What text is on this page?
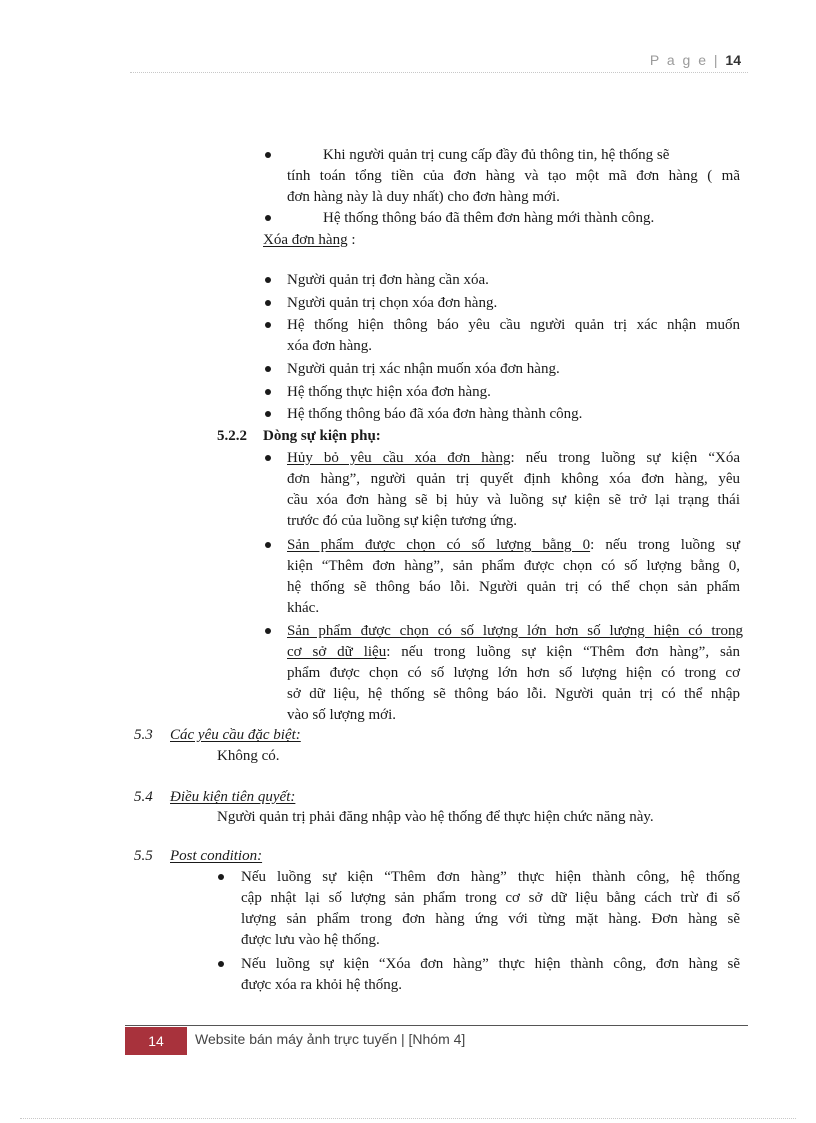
P a g e | 14
Khi người quản trị cung cấp đầy đủ thông tin, hệ thống sẽ
tính toán tổng tiền của đơn hàng và tạo một mã đơn hàng ( mã
đơn hàng này là duy nhất) cho đơn hàng mới.
Hệ thống thông báo đã thêm đơn hàng mới thành công.
Xóa đơn hàng :
Người quản trị đơn hàng cần xóa.
Người quản trị chọn xóa đơn hàng.
Hệ thống hiện thông báo yêu cầu người quản trị xác nhận muốn
xóa đơn hàng.
Người quản trị xác nhận muốn xóa đơn hàng.
Hệ thống thực hiện xóa đơn hàng.
Hệ thống thông báo đã xóa đơn hàng thành công.
5.2.2 Dòng sự kiện phụ:
Hủy bỏ yêu cầu xóa đơn hàng: nếu trong luồng sự kiện “Xóa
đơn hàng”, người quản trị quyết định không xóa đơn hàng, yêu
cầu xóa đơn hàng sẽ bị hủy và luồng sự kiện sẽ trở lại trạng thái
trước đó của luồng sự kiện tương ứng.
Sản phẩm được chọn có số lượng bằng 0: nếu trong luồng sự
kiện “Thêm đơn hàng”, sản phẩm được chọn có số lượng bằng 0,
hệ thống sẽ thông báo lỗi. Người quản trị có thể chọn sản phẩm
khác.
Sản phẩm được chọn có số lượng lớn hơn số lượng hiện có trong
cơ sở dữ liệu: nếu trong luồng sự kiện “Thêm đơn hàng”, sản
phẩm được chọn có số lượng lớn hơn số lượng hiện có trong cơ
sở dữ liệu, hệ thống sẽ thông báo lỗi. Người quản trị có thể nhập
vào số lượng mới.
5.3 Các yêu cầu đặc biệt:
Không có.
5.4 Điều kiện tiên quyết:
Người quản trị phải đăng nhập vào hệ thống để thực hiện chức năng này.
5.5 Post condition:
Nếu luồng sự kiện “Thêm đơn hàng” thực hiện thành công, hệ thống
cập nhật lại số lượng sản phẩm trong cơ sở dữ liệu bằng cách trừ đi số
lượng sản phẩm trong đơn hàng ứng với từng mặt hàng. Đơn hàng sẽ
được lưu vào hệ thống.
Nếu luồng sự kiện “Xóa đơn hàng” thực hiện thành công, đơn hàng sẽ
được xóa ra khỏi hệ thống.
14	Website bán máy ảnh trực tuyến | [Nhóm 4]
